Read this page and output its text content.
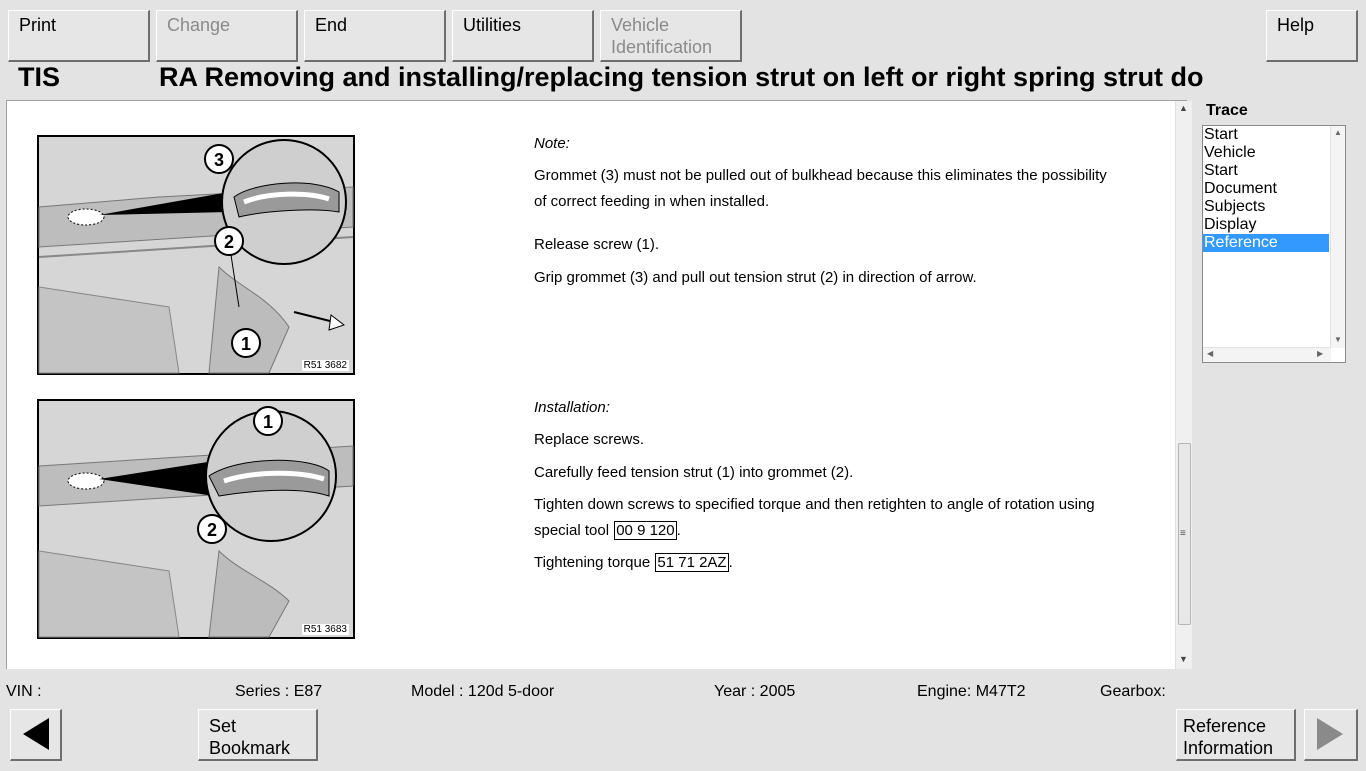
Print	Change	End	Utilities	Vehicle
Identification
Help
TIS	RA Removing and installing/replacing tension strut on left or right spring strut do
3
2
1
R51 3682
1
2
R51 3683
Note:
Grommet (3) must not be pulled out of bulkhead because this eliminates the possibility
of correct feeding in when installed.
Release screw (1).
Grip grommet (3) and pull out tension strut (2) in direction of arrow.
Installation:
Replace screws.
Carefully feed tension strut (1) into grommet (2).
Tighten down screws to specified torque and then retighten to angle of rotation using
special tool 00 9 120 .
Tightening torque 51 71 2AZ .
▲
≡
▼
Trace
Start
Vehicle
Start
Document
Subjects
Display
Reference
▲
▼
◀	▶
VIN :	Series : E87	Model : 120d 5-door	Year : 2005	Engine: M47T2	Gearbox:
Set
Bookmark
Reference
Information
